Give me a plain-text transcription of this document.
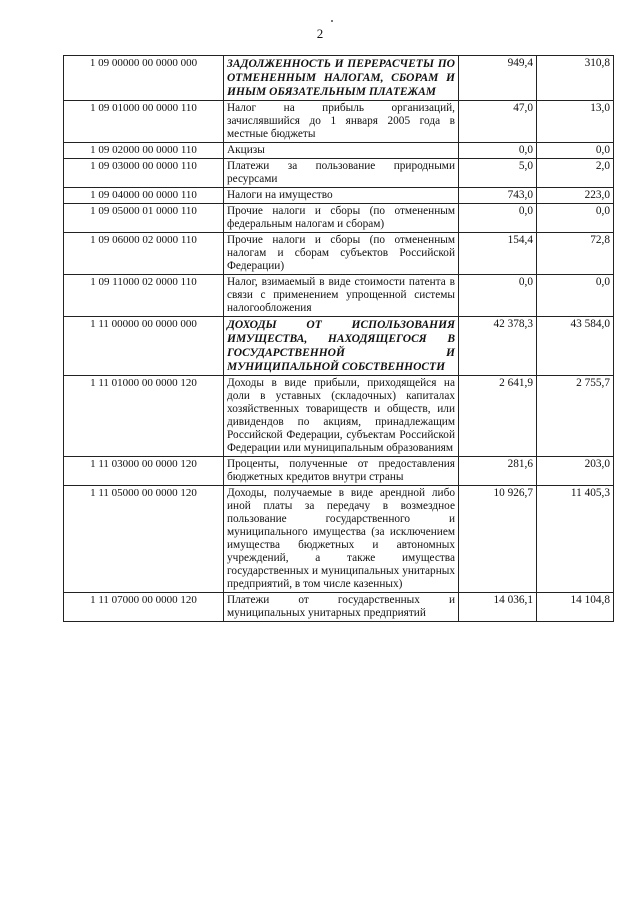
2
1 09 00000 00 0000 000	ЗАДОЛЖЕННОСТЬ И ПЕРЕРАСЧЕТЫ ПО ОТМЕНЕННЫМ НАЛОГАМ, СБОРАМ И ИНЫМ ОБЯЗАТЕЛЬНЫМ ПЛАТЕЖАМ	949,4	310,8
1 09 01000 00 0000 110	Налог на прибыль организаций, зачислявшийся до 1 января 2005 года в местные бюджеты	47,0	13,0
1 09 02000 00 0000 110	Акцизы	0,0	0,0
1 09 03000 00 0000 110	Платежи за пользование природными ресурсами	5,0	2,0
1 09 04000 00 0000 110	Налоги на имущество	743,0	223,0
1 09 05000 01 0000 110	Прочие налоги и сборы (по отмененным федеральным налогам и сборам)	0,0	0,0
1 09 06000 02 0000 110	Прочие налоги и сборы (по отмененным налогам и сборам субъектов Российской Федерации)	154,4	72,8
1 09 11000 02 0000 110	Налог, взимаемый в виде стоимости патента в связи с применением упрощенной системы налогообложения	0,0	0,0
1 11 00000 00 0000 000	ДОХОДЫ ОТ ИСПОЛЬЗОВАНИЯ ИМУЩЕСТВА, НАХОДЯЩЕГОСЯ В ГОСУДАРСТВЕННОЙ И МУНИЦИПАЛЬНОЙ СОБСТВЕННОСТИ	42 378,3	43 584,0
1 11 01000 00 0000 120	Доходы в виде прибыли, приходящейся на доли в уставных (складочных) капиталах хозяйственных товариществ и обществ, или дивидендов по акциям, принадлежащим Российской Федерации, субъектам Российской Федерации или муниципальным образованиям	2 641,9	2 755,7
1 11 03000 00 0000 120	Проценты, полученные от предоставления бюджетных кредитов внутри страны	281,6	203,0
1 11 05000 00 0000 120	Доходы, получаемые в виде арендной либо иной платы за передачу в возмездное пользование государственного и муниципального имущества (за исключением имущества бюджетных и автономных учреждений, а также имущества государственных и муниципальных унитарных предприятий, в том числе казенных)	10 926,7	11 405,3
1 11 07000 00 0000 120	Платежи от государственных и муниципальных унитарных предприятий	14 036,1	14 104,8
